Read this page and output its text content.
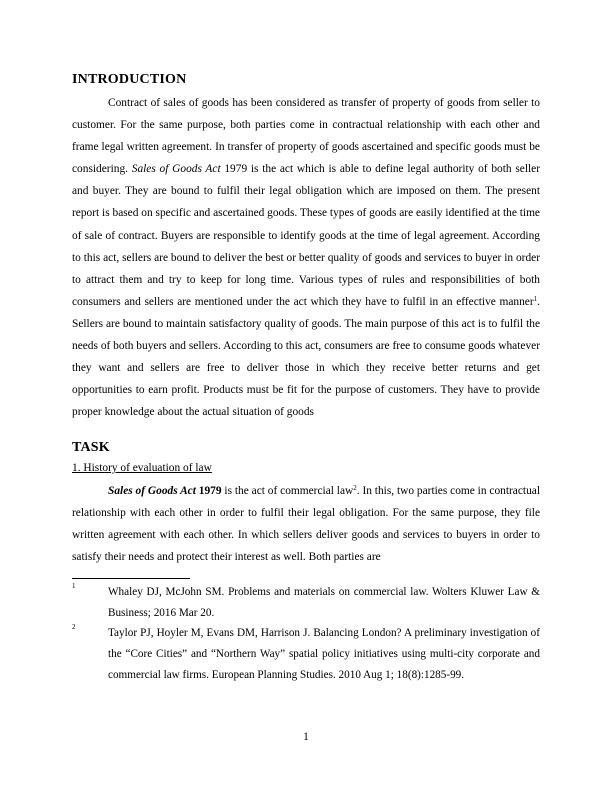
INTRODUCTION

Contract of sales of goods has been considered as transfer of property of goods from seller to customer. For the same purpose, both parties come in contractual relationship with each other and frame legal written agreement. In transfer of property of goods ascertained and specific goods must be considering. Sales of Goods Act 1979 is the act which is able to define legal authority of both seller and buyer. They are bound to fulfil their legal obligation which are imposed on them. The present report is based on specific and ascertained goods. These types of goods are easily identified at the time of sale of contract. Buyers are responsible to identify goods at the time of legal agreement. According to this act, sellers are bound to deliver the best or better quality of goods and services to buyer in order to attract them and try to keep for long time. Various types of rules and responsibilities of both consumers and sellers are mentioned under the act which they have to fulfil in an effective manner$^1$. Sellers are bound to maintain satisfactory quality of goods. The main purpose of this act is to fulfil the needs of both buyers and sellers. According to this act, consumers are free to consume goods whatever they want and sellers are free to deliver those in which they receive better returns and get opportunities to earn profit. Products must be fit for the purpose of customers. They have to provide proper knowledge about the actual situation of goods

TASK

1. History of evaluation of law

Sales of Goods Act 1979 is the act of commercial law$^2$. In this, two parties come in contractual relationship with each other in order to fulfil their legal obligation. For the same purpose, they file written agreement with each other. In which sellers deliver goods and services to buyers in order to satisfy their needs and protect their interest as well. Both parties are

1	Whaley DJ, McJohn SM. Problems and materials on commercial law. Wolters Kluwer Law & Business; 2016 Mar 20.
2	Taylor PJ, Hoyler M, Evans DM, Harrison J. Balancing London? A preliminary investigation of the “Core Cities” and “Northern Way” spatial policy initiatives using multi-city corporate and commercial law firms. European Planning Studies. 2010 Aug 1; 18(8):1285-99.
1
